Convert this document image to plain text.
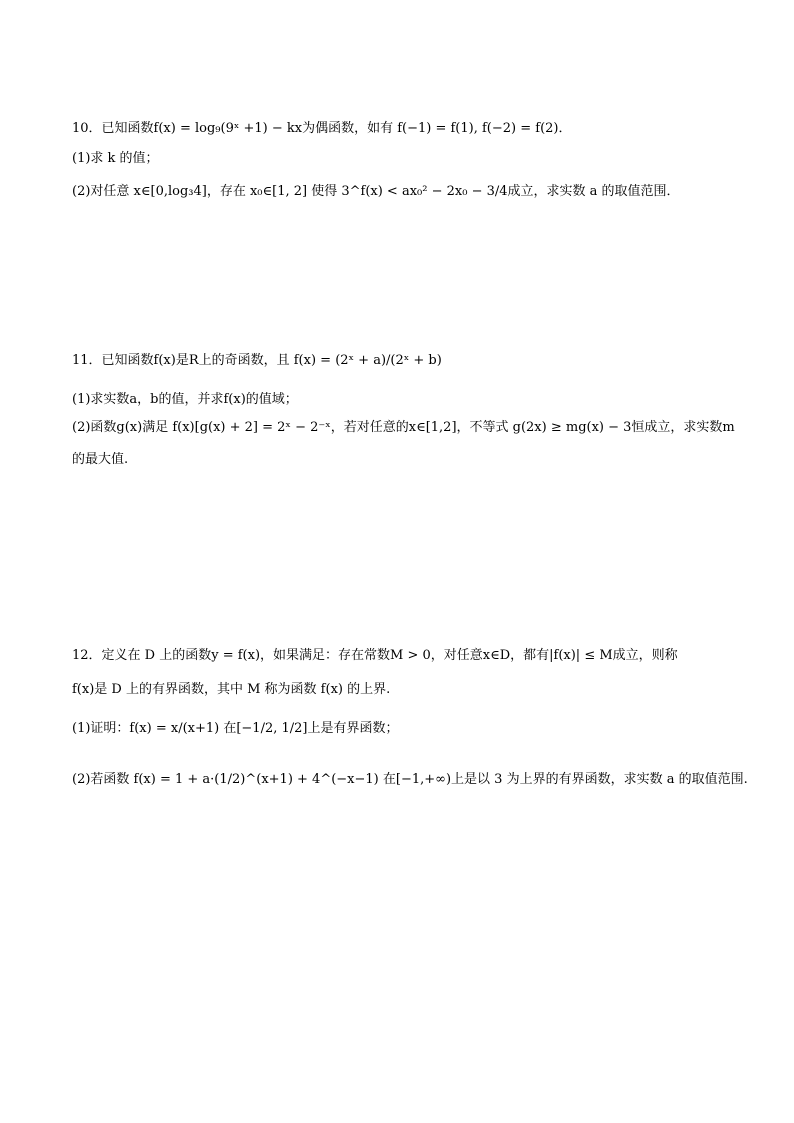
10．已知函数f(x) = log₉(9ˣ +1) − kx为偶函数，如有 f(−1) = f(1), f(−2) = f(2)．
(1)求 k 的值；
(2)对任意 x∈[0,log₃4]，存在 x₀∈[1, 2] 使得 3^f(x) < ax₀² − 2x₀ − 3/4成立，求实数 a 的取值范围．
11．已知函数f(x)是R上的奇函数，且 f(x) = (2ˣ + a)/(2ˣ + b)
(1)求实数a，b的值，并求f(x)的值域；
(2)函数g(x)满足 f(x)[g(x) + 2] = 2ˣ − 2⁻ˣ，若对任意的x∈[1,2]，不等式 g(2x) ≥ mg(x) − 3恒成立，求实数m
的最大值.
12．定义在 D 上的函数y = f(x)，如果满足：存在常数M > 0，对任意x∈D，都有|f(x)| ≤ M成立，则称
f(x)是 D 上的有界函数，其中 M 称为函数 f(x) 的上界.
(1)证明：f(x) = x/(x+1) 在[−1/2, 1/2]上是有界函数；
(2)若函数 f(x) = 1 + a·(1/2)^(x+1) + 4^(−x−1) 在[−1,+∞)上是以 3 为上界的有界函数，求实数 a 的取值范围.
